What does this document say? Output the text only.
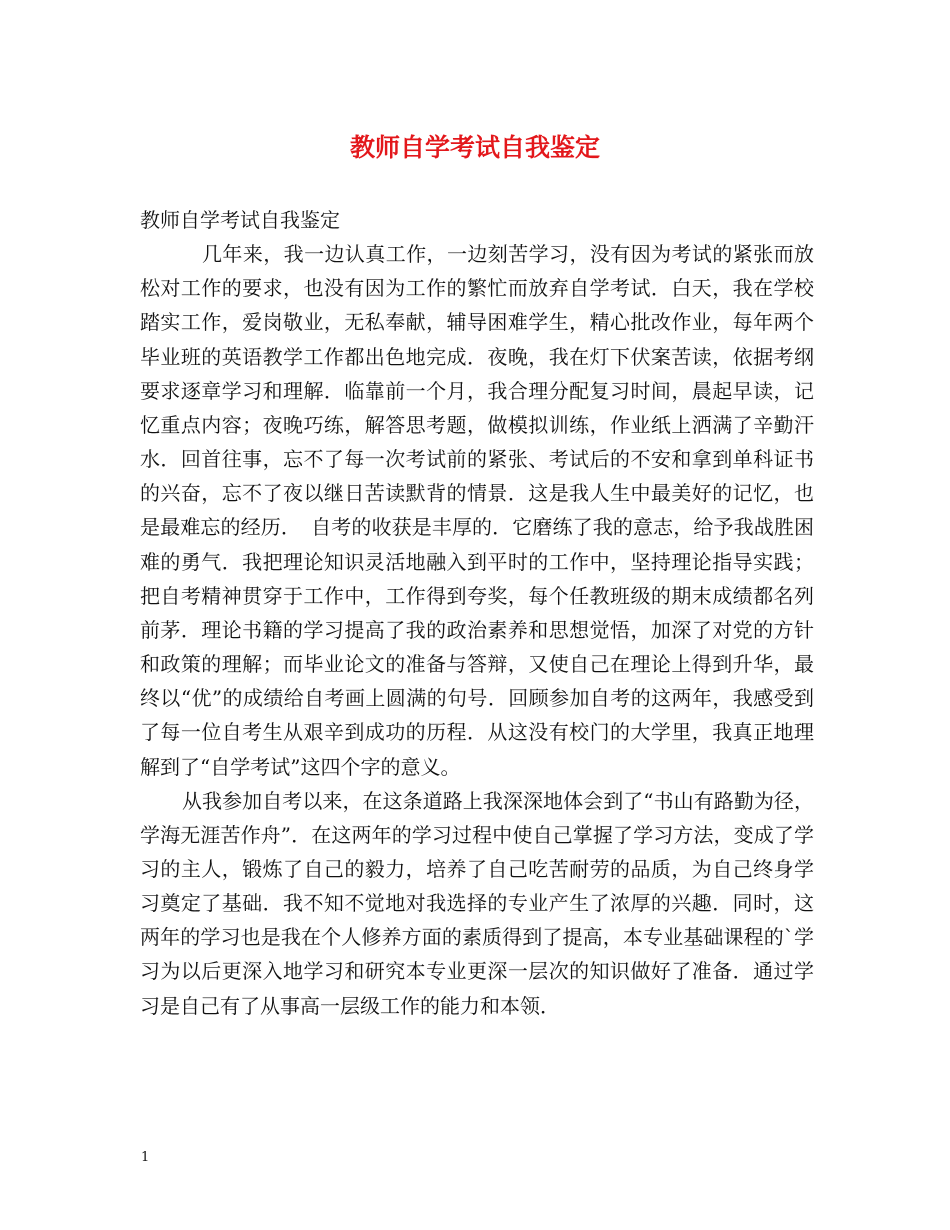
教师自学考试自我鉴定

教师自学考试自我鉴定

几年来，我一边认真工作，一边刻苦学习，没有因为考试的紧张而放松对工作的要求，也没有因为工作的繁忙而放弃自学考试．白天，我在学校踏实工作，爱岗敬业，无私奉献，辅导困难学生，精心批改作业，每年两个毕业班的英语教学工作都出色地完成．夜晚，我在灯下伏案苦读，依据考纲要求逐章学习和理解．临靠前一个月，我合理分配复习时间，晨起早读，记忆重点内容；夜晚巧练，解答思考题，做模拟训练，作业纸上洒满了辛勤汗水．回首往事，忘不了每一次考试前的紧张、考试后的不安和拿到单科证书的兴奋，忘不了夜以继日苦读默背的情景．这是我人生中最美好的记忆，也是最难忘的经历．　自考的收获是丰厚的．它磨练了我的意志，给予我战胜困难的勇气．我把理论知识灵活地融入到平时的工作中，坚持理论指导实践；把自考精神贯穿于工作中，工作得到夸奖，每个任教班级的期末成绩都名列前茅．理论书籍的学习提高了我的政治素养和思想觉悟，加深了对党的方针和政策的理解；而毕业论文的准备与答辩，又使自己在理论上得到升华，最终以“优”的成绩给自考画上圆满的句号．回顾参加自考的这两年，我感受到了每一位自考生从艰辛到成功的历程．从这没有校门的大学里，我真正地理解到了“自学考试”这四个字的意义。

从我参加自考以来，在这条道路上我深深地体会到了“书山有路勤为径，学海无涯苦作舟”．在这两年的学习过程中使自己掌握了学习方法，变成了学习的主人，锻炼了自己的毅力，培养了自己吃苦耐劳的品质，为自己终身学习奠定了基础．我不知不觉地对我选择的专业产生了浓厚的兴趣．同时，这两年的学习也是我在个人修养方面的素质得到了提高，本专业基础课程的`学习为以后更深入地学习和研究本专业更深一层次的知识做好了准备．通过学习是自己有了从事高一层级工作的能力和本领．

1
